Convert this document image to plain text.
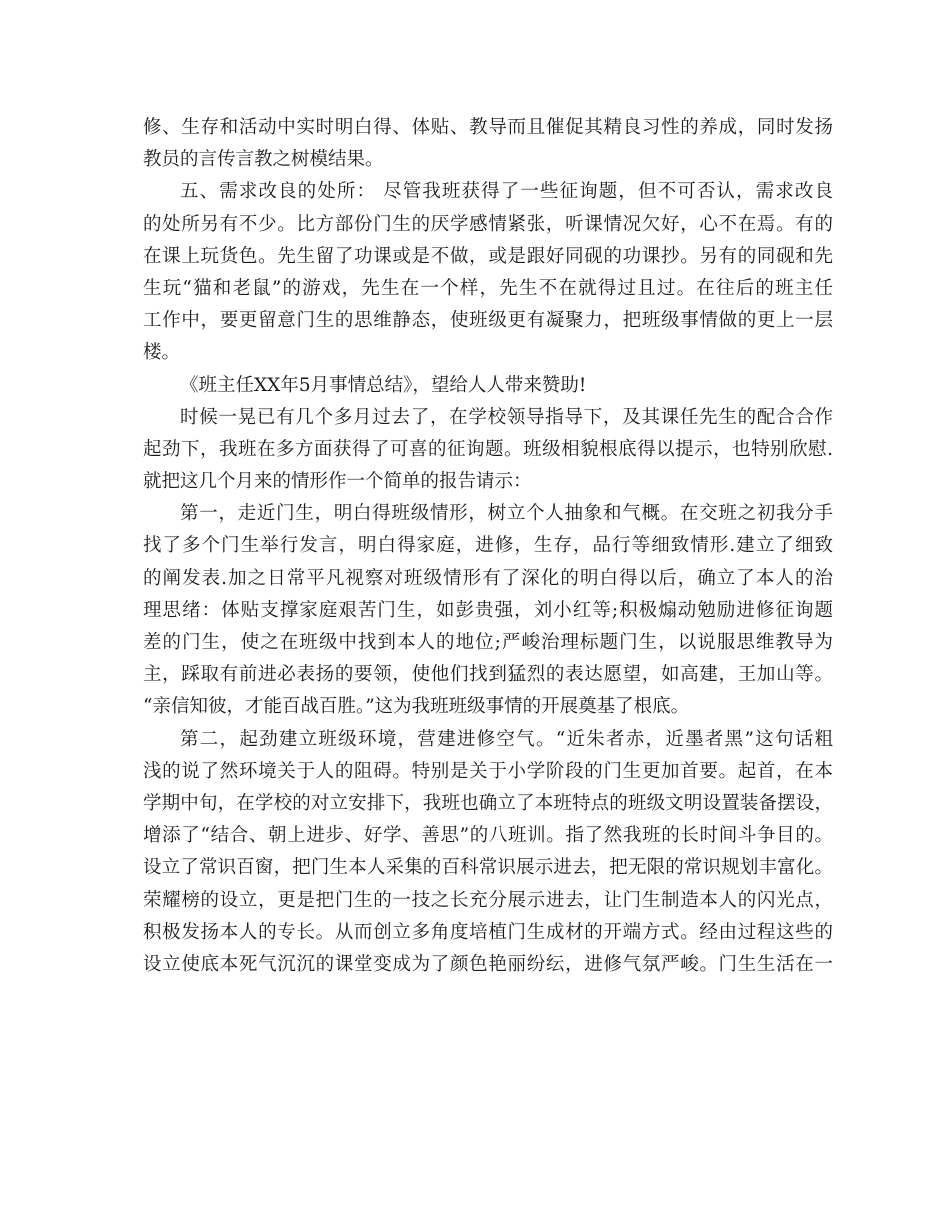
修、生存和活动中实时明白得、体贴、教导而且催促其精良习性的养成，同时发扬
教员的言传言教之树模结果。
五、需求改良的处所： 尽管我班获得了一些征询题，但不可否认，需求改良
的处所另有不少。比方部份门生的厌学感情紧张，听课情况欠好，心不在焉。有的
在课上玩货色。先生留了功课或是不做，或是跟好同砚的功课抄。另有的同砚和先
生玩“猫和老鼠”的游戏，先生在一个样，先生不在就得过且过。在往后的班主任
工作中，要更留意门生的思维静态，使班级更有凝聚力，把班级事情做的更上一层
楼。
《班主任XX年5月事情总结》，望给人人带来赞助!
时候一晃已有几个多月过去了，在学校领导指导下，及其课任先生的配合合作
起劲下，我班在多方面获得了可喜的征询题。班级相貌根底得以提示，也特别欣慰.
就把这几个月来的情形作一个简单的报告请示：
第一，走近门生，明白得班级情形，树立个人抽象和气概。在交班之初我分手
找了多个门生举行发言，明白得家庭，进修，生存，品行等细致情形.建立了细致
的阐发表.加之日常平凡视察对班级情形有了深化的明白得以后，确立了本人的治
理思绪：体贴支撑家庭艰苦门生，如彭贵强，刘小红等;积极煽动勉励进修征询题
差的门生，使之在班级中找到本人的地位;严峻治理标题门生，以说服思维教导为
主，踩取有前进必表扬的要领，使他们找到猛烈的表达愿望，如高建，王加山等。
“亲信知彼，才能百战百胜。”这为我班班级事情的开展奠基了根底。
第二，起劲建立班级环境，营建进修空气。“近朱者赤，近墨者黑”这句话粗
浅的说了然环境关于人的阻碍。特别是关于小学阶段的门生更加首要。起首，在本
学期中旬，在学校的对立安排下，我班也确立了本班特点的班级文明设置装备摆设，
增添了“结合、朝上进步、好学、善思”的八班训。指了然我班的长时间斗争目的。
设立了常识百窗，把门生本人采集的百科常识展示进去，把无限的常识规划丰富化。
荣耀榜的设立，更是把门生的一技之长充分展示进去，让门生制造本人的闪光点，
积极发扬本人的专长。从而创立多角度培植门生成材的开端方式。经由过程这些的
设立使底本死气沉沉的课堂变成为了颜色艳丽纷纭，进修气氛严峻。门生生活在一
